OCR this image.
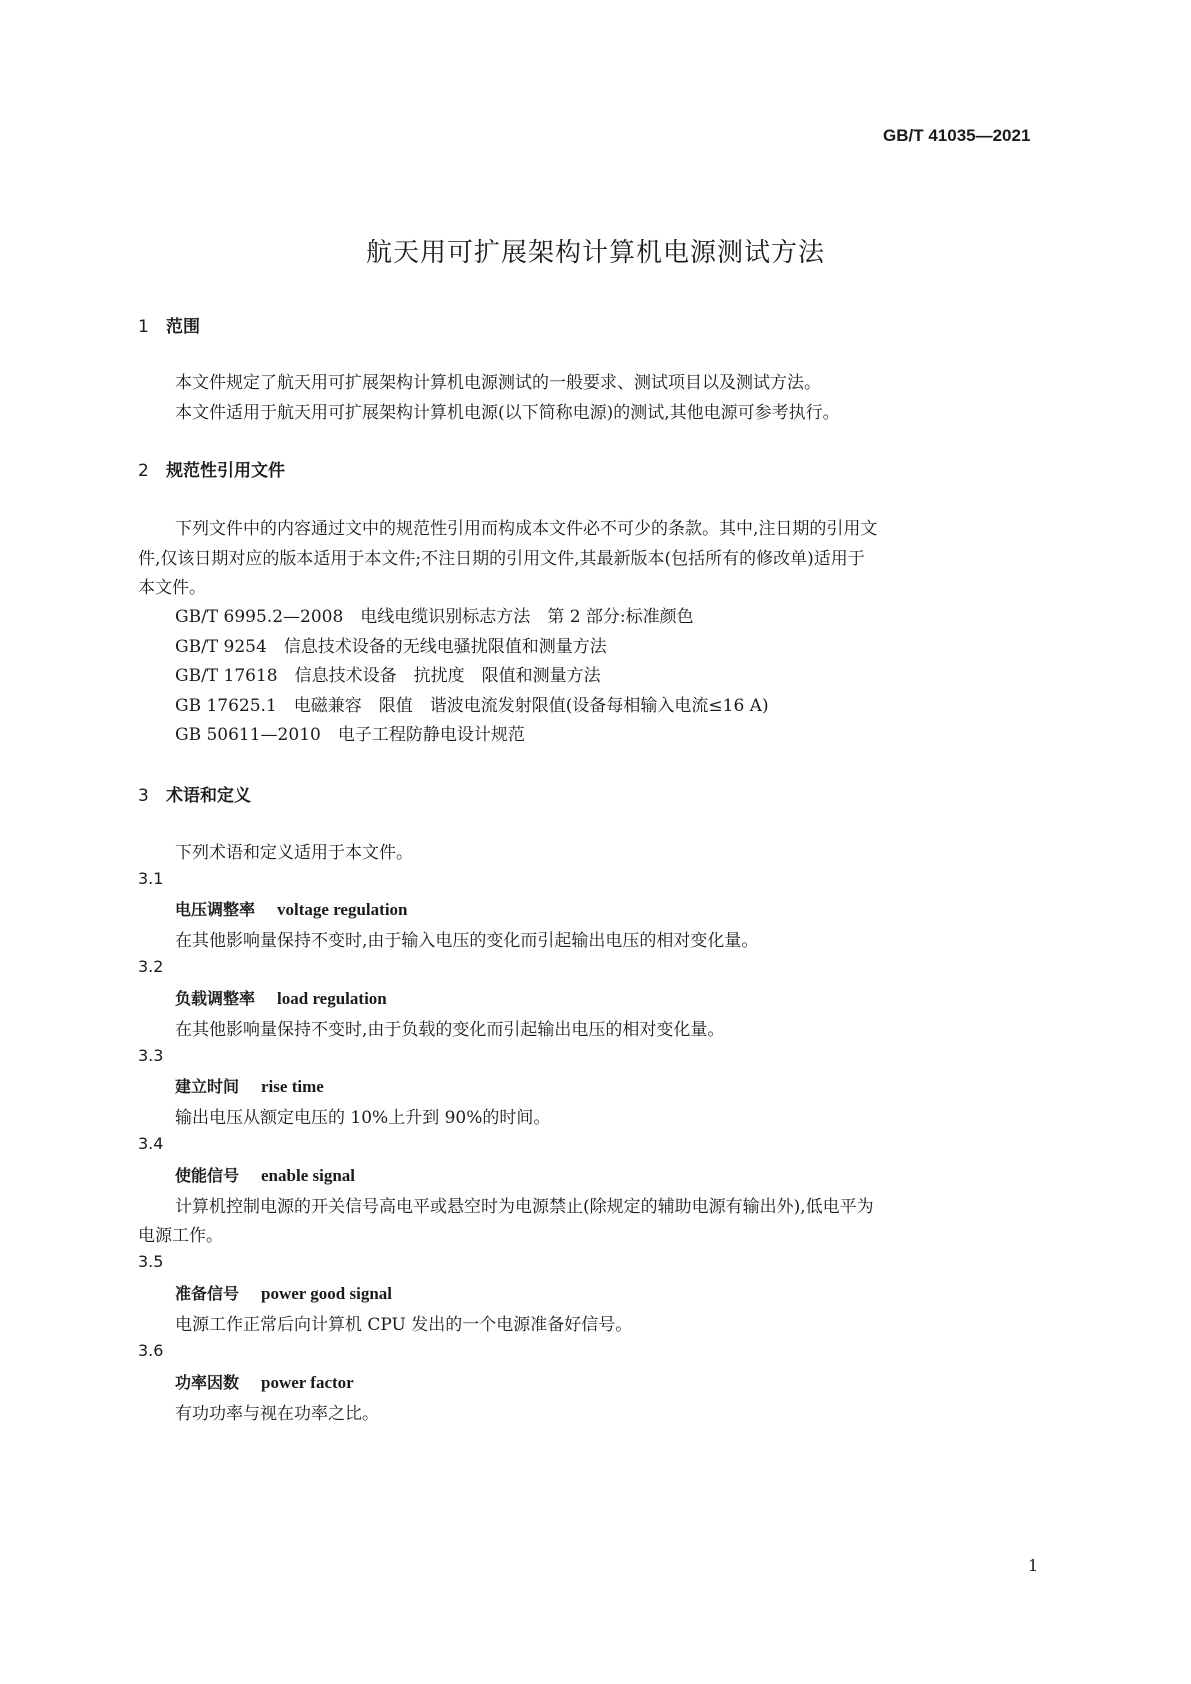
GB/T 41035—2021
航天用可扩展架构计算机电源测试方法
1 范围
本文件规定了航天用可扩展架构计算机电源测试的一般要求、测试项目以及测试方法。
本文件适用于航天用可扩展架构计算机电源(以下简称电源)的测试,其他电源可参考执行。
2 规范性引用文件
下列文件中的内容通过文中的规范性引用而构成本文件必不可少的条款。其中,注日期的引用文
件,仅该日期对应的版本适用于本文件;不注日期的引用文件,其最新版本(包括所有的修改单)适用于
本文件。
GB/T 6995.2—2008　电线电缆识别标志方法　第 2 部分:标准颜色
GB/T 9254　信息技术设备的无线电骚扰限值和测量方法
GB/T 17618　信息技术设备　抗扰度　限值和测量方法
GB 17625.1　电磁兼容　限值　谐波电流发射限值(设备每相输入电流≤16 A)
GB 50611—2010　电子工程防静电设计规范
3 术语和定义
下列术语和定义适用于本文件。
3.1
电压调整率 voltage regulation
在其他影响量保持不变时,由于输入电压的变化而引起输出电压的相对变化量。
3.2
负载调整率 load regulation
在其他影响量保持不变时,由于负载的变化而引起输出电压的相对变化量。
3.3
建立时间 rise time
输出电压从额定电压的 10%上升到 90%的时间。
3.4
使能信号 enable signal
计算机控制电源的开关信号高电平或悬空时为电源禁止(除规定的辅助电源有输出外),低电平为
电源工作。
3.5
准备信号 power good signal
电源工作正常后向计算机 CPU 发出的一个电源准备好信号。
3.6
功率因数 power factor
有功功率与视在功率之比。
1
